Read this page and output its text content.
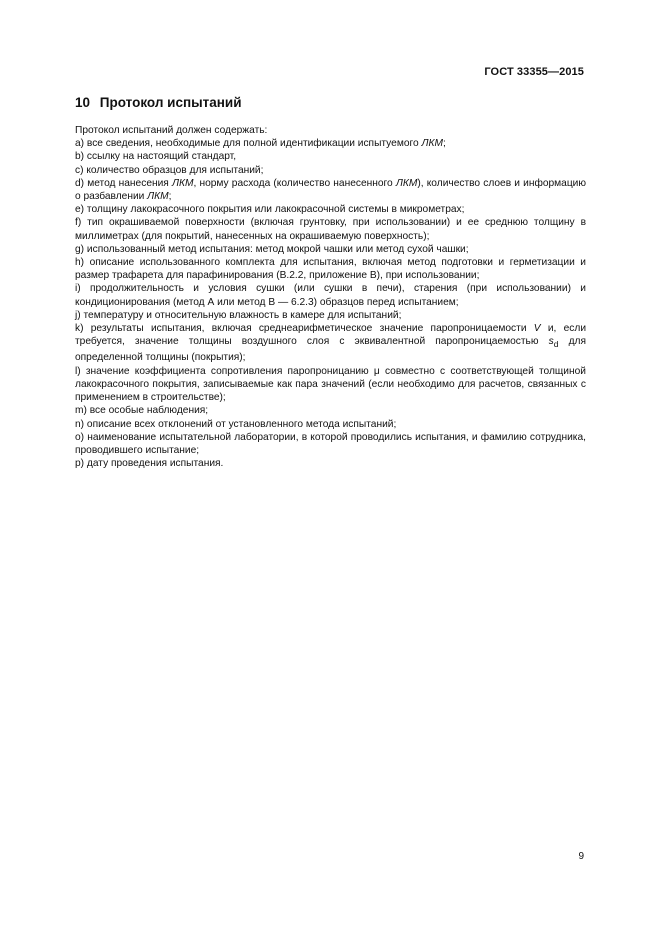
ГОСТ 33355—2015
10 Протокол испытаний

Протокол испытаний должен содержать:

a) все сведения, необходимые для полной идентификации испытуемого ЛКМ;

b) ссылку на настоящий стандарт,

c) количество образцов для испытаний;

d) метод нанесения ЛКМ, норму расхода (количество нанесенного ЛКМ), количество слоев и информацию о разбавлении ЛКМ;

e) толщину лакокрасочного покрытия или лакокрасочной системы в микрометрах;

f) тип окрашиваемой поверхности (включая грунтовку, при использовании) и ее среднюю толщину в миллиметрах (для покрытий, нанесенных на окрашиваемую поверхность);

g) использованный метод испытания: метод мокрой чашки или метод сухой чашки;

h) описание использованного комплекта для испытания, включая метод подготовки и герметизации и размер трафарета для парафинирования (В.2.2, приложение В), при использовании;

i) продолжительность и условия сушки (или сушки в печи), старения (при использовании) и кондиционирования (метод А или метод В — 6.2.3) образцов перед испытанием;

j) температуру и относительную влажность в камере для испытаний;

k) результаты испытания, включая среднеарифметическое значение паропроницаемости V и, если требуется, значение толщины воздушного слоя с эквивалентной паропроницаемостью $s_d$ для определенной толщины (покрытия);

l) значение коэффициента сопротивления паропроницанию μ совместно с соответствующей толщиной лакокрасочного покрытия, записываемые как пара значений (если необходимо для расчетов, связанных с применением в строительстве);

m) все особые наблюдения;

n) описание всех отклонений от установленного метода испытаний;

o) наименование испытательной лаборатории, в которой проводились испытания, и фамилию сотрудника, проводившего испытание;

p) дату проведения испытания.

9
